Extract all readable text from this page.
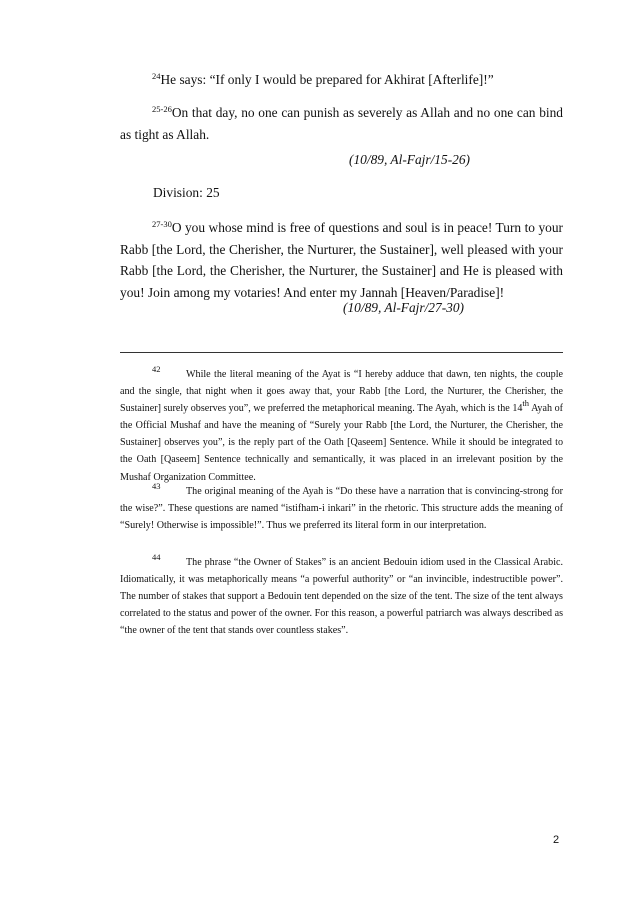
$^{24}$He says: “If only I would be prepared for Akhirat [Afterlife]!”

$^{25-26}$On that day, no one can punish as severely as Allah and no one can bind as tight as Allah.

(10/89, Al-Fajr/15-26)
Division: 25

$^{27-30}$O you whose mind is free of questions and soul is in peace! Turn to your Rabb [the Lord, the Cherisher, the Nurturer, the Sustainer], well pleased with your Rabb [the Lord, the Cherisher, the Nurturer, the Sustainer] and He is pleased with you! Join among my votaries! And enter my Jannah [Heaven/Paradise]!

(10/89, Al-Fajr/27-30)

$^{42}$	While the literal meaning of the Ayat is “I hereby adduce that dawn, ten nights, the couple and the single, that night when it goes away that, your Rabb [the Lord, the Nurturer, the Cherisher, the Sustainer] surely observes you”, we preferred the metaphorical meaning. The Ayah, which is the 14th Ayah of the Official Mushaf and have the meaning of “Surely your Rabb [the Lord, the Nurturer, the Cherisher, the Sustainer] observes you”, is the reply part of the Oath [Qaseem] Sentence. While it should be integrated to the Oath [Qaseem] Sentence technically and semantically, it was placed in an irrelevant position by the Mushaf Organization Committee.

$^{43}$	The original meaning of the Ayah is “Do these have a narration that is convincing-strong for the wise?”. These questions are named “istifham-i inkari” in the rhetoric. This structure adds the meaning of “Surely! Otherwise is impossible!”. Thus we preferred its literal form in our interpretation.

$^{44}$	The phrase “the Owner of Stakes” is an ancient Bedouin idiom used in the Classical Arabic. Idiomatically, it was metaphorically means “a powerful authority” or “an invincible, indestructible power”. The number of stakes that support a Bedouin tent depended on the size of the tent. The size of the tent always correlated to the status and power of the owner. For this reason, a powerful patriarch was always described as “the owner of the tent that stands over countless stakes”.

2
